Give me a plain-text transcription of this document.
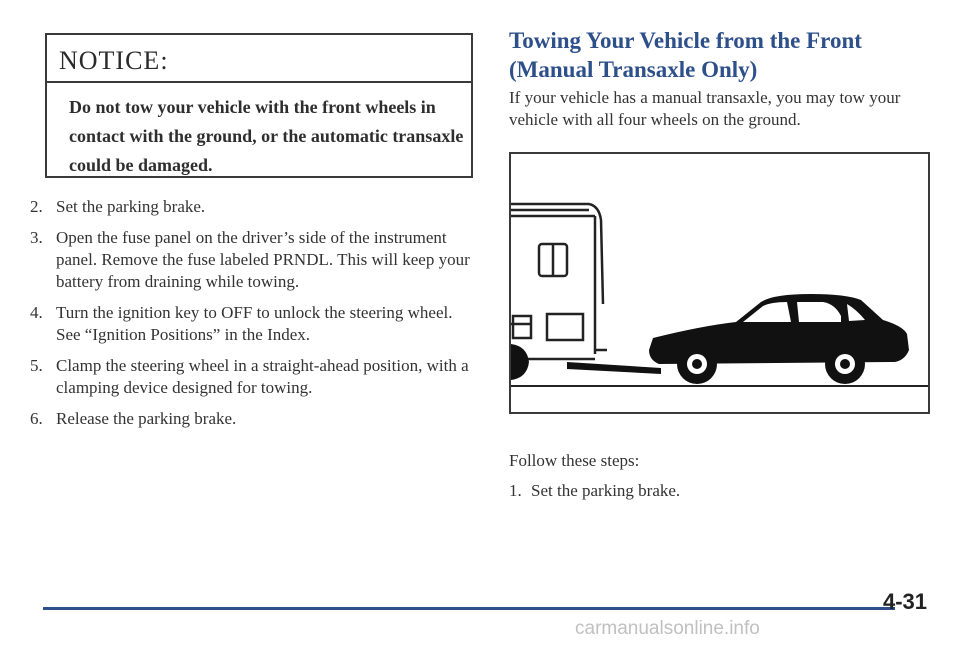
NOTICE:
Do not tow your vehicle with the front wheels in contact with the ground, or the automatic transaxle could be damaged.
2. Set the parking brake.
3. Open the fuse panel on the driver’s side of the instrument panel. Remove the fuse labeled PRNDL. This will keep your battery from draining while towing.
4. Turn the ignition key to OFF to unlock the steering wheel. See “Ignition Positions” in the Index.
5. Clamp the steering wheel in a straight-ahead position, with a clamping device designed for towing.
6. Release the parking brake.
Towing Your Vehicle from the Front (Manual Transaxle Only)
If your vehicle has a manual transaxle, you may tow your vehicle with all four wheels on the ground.
Follow these steps:
1. Set the parking brake.
4-31
carmanualsonline.info
